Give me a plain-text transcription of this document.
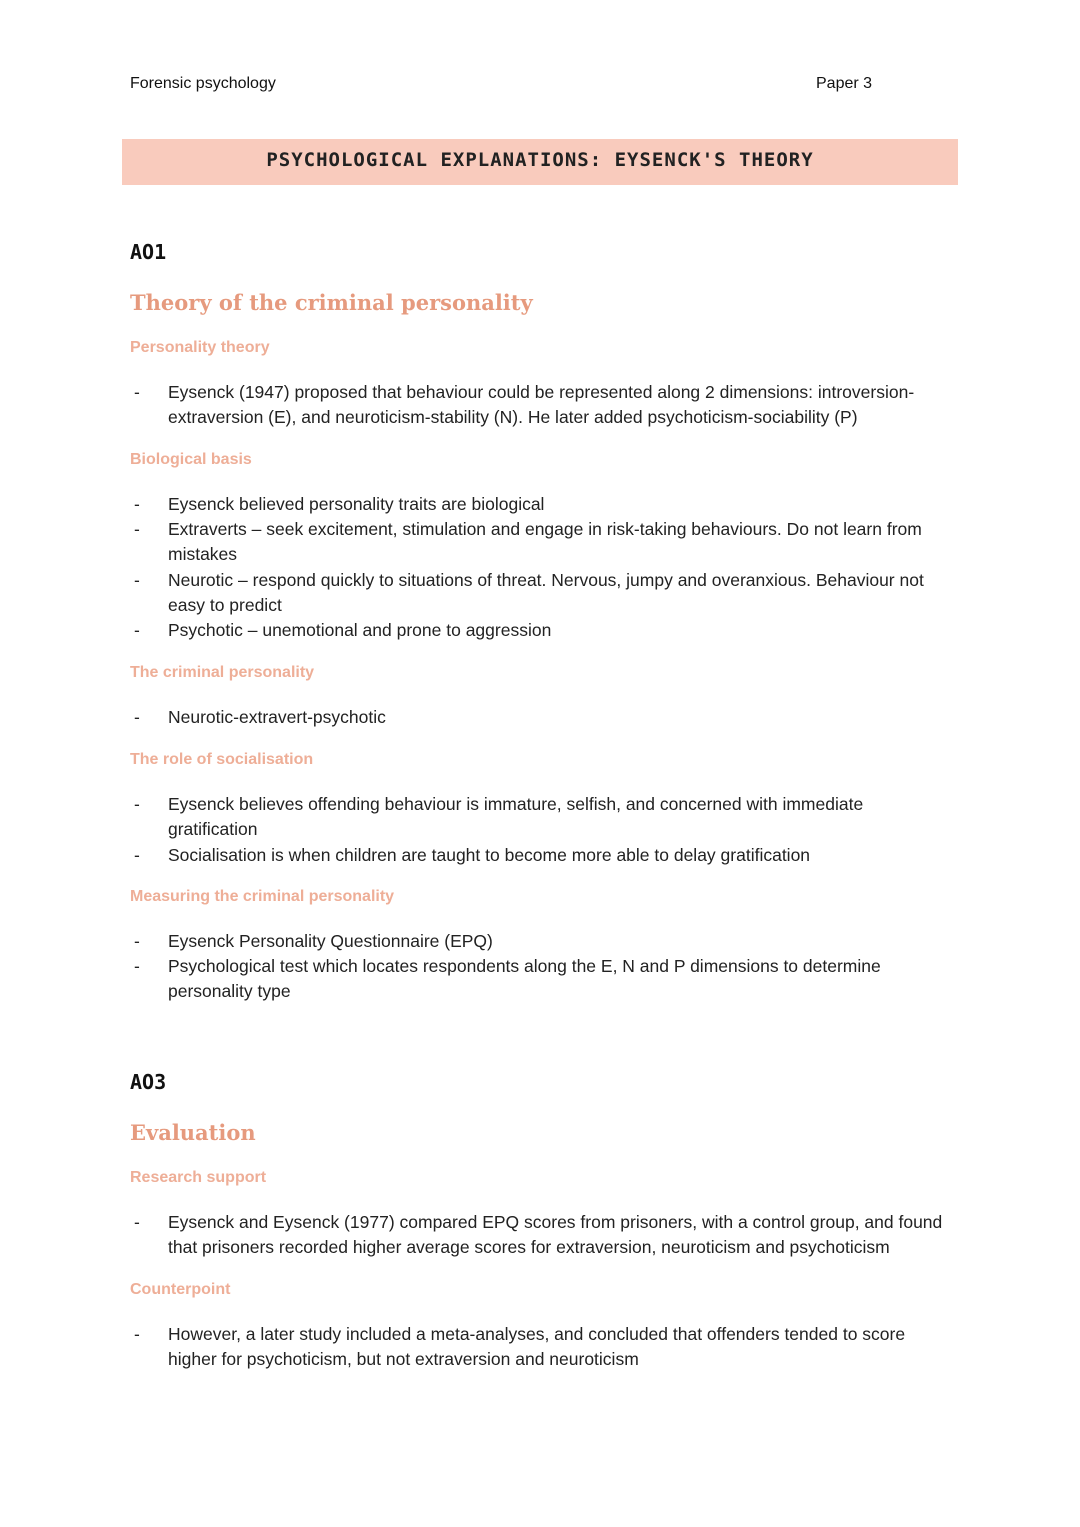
Forensic psychology	Paper 3
PSYCHOLOGICAL EXPLANATIONS: EYSENCK'S THEORY
AO1
Theory of the criminal personality
Personality theory
- Eysenck (1947) proposed that behaviour could be represented along 2 dimensions: introversion-extraversion (E), and neuroticism-stability (N). He later added psychoticism-sociability (P)
Biological basis
- Eysenck believed personality traits are biological
- Extraverts – seek excitement, stimulation and engage in risk-taking behaviours. Do not learn from mistakes
- Neurotic – respond quickly to situations of threat. Nervous, jumpy and overanxious. Behaviour not easy to predict
- Psychotic – unemotional and prone to aggression
The criminal personality
- Neurotic-extravert-psychotic
The role of socialisation
- Eysenck believes offending behaviour is immature, selfish, and concerned with immediate gratification
- Socialisation is when children are taught to become more able to delay gratification
Measuring the criminal personality
- Eysenck Personality Questionnaire (EPQ)
- Psychological test which locates respondents along the E, N and P dimensions to determine personality type
AO3
Evaluation
Research support
- Eysenck and Eysenck (1977) compared EPQ scores from prisoners, with a control group, and found that prisoners recorded higher average scores for extraversion, neuroticism and psychoticism
Counterpoint
- However, a later study included a meta-analyses, and concluded that offenders tended to score higher for psychoticism, but not extraversion and neuroticism
